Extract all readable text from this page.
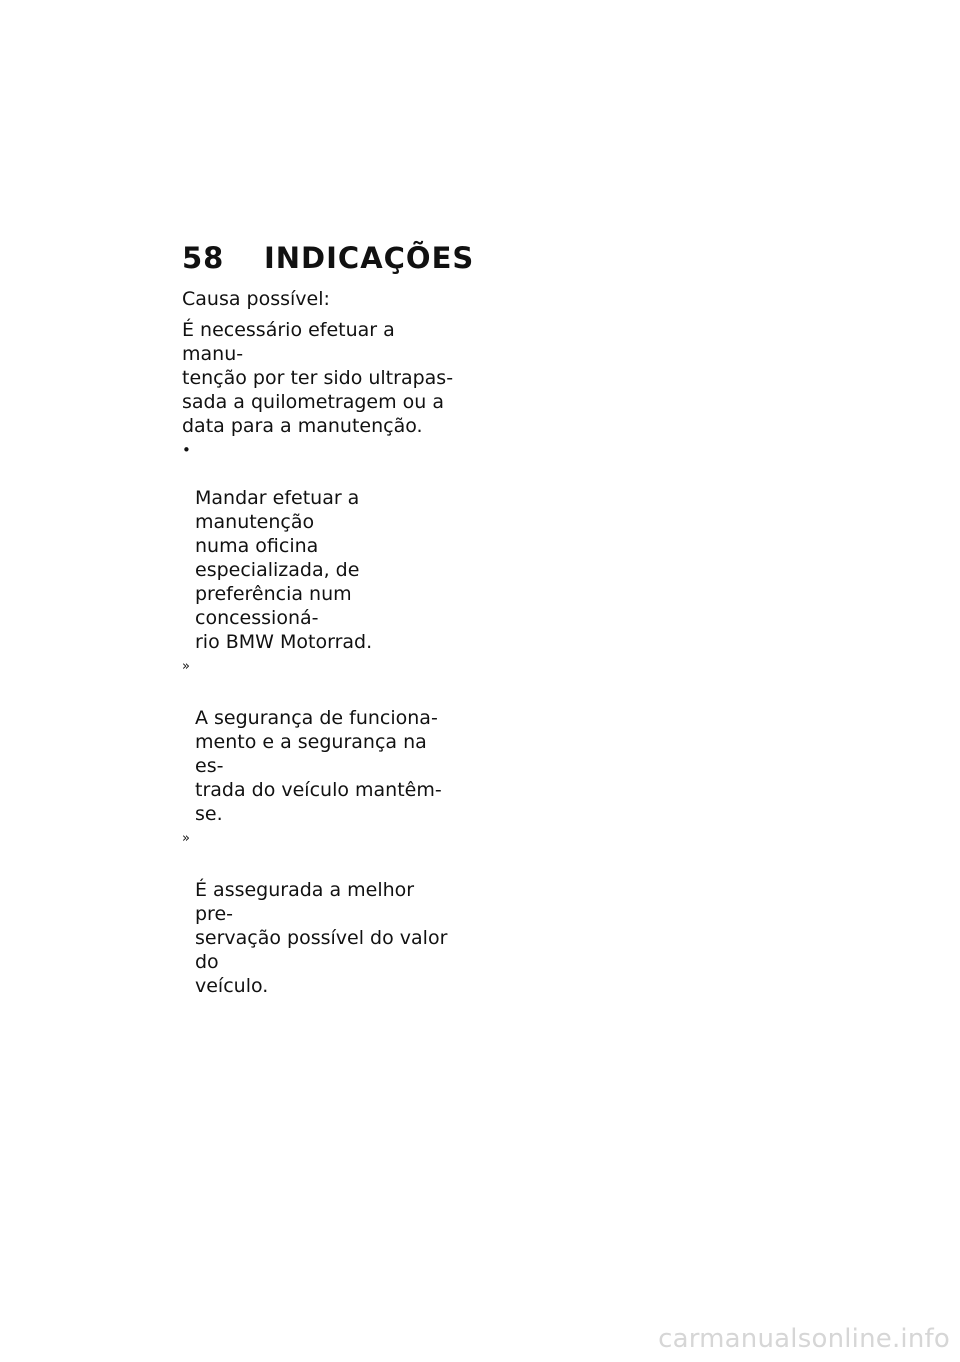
58	INDICAÇÕES

Causa possível:

É necessário efetuar a manu-
tenção por ter sido ultrapas-
sada a quilometragem ou a
data para a manutenção.

•

Mandar efetuar a manutenção
numa oficina especializada, de
preferência num concessioná-
rio BMW Motorrad.

»

A segurança de funciona-
mento e a segurança na es-
trada do veículo mantêm-se.

»

É assegurada a melhor pre-
servação possível do valor do
veículo.

carmanualsonline.info
